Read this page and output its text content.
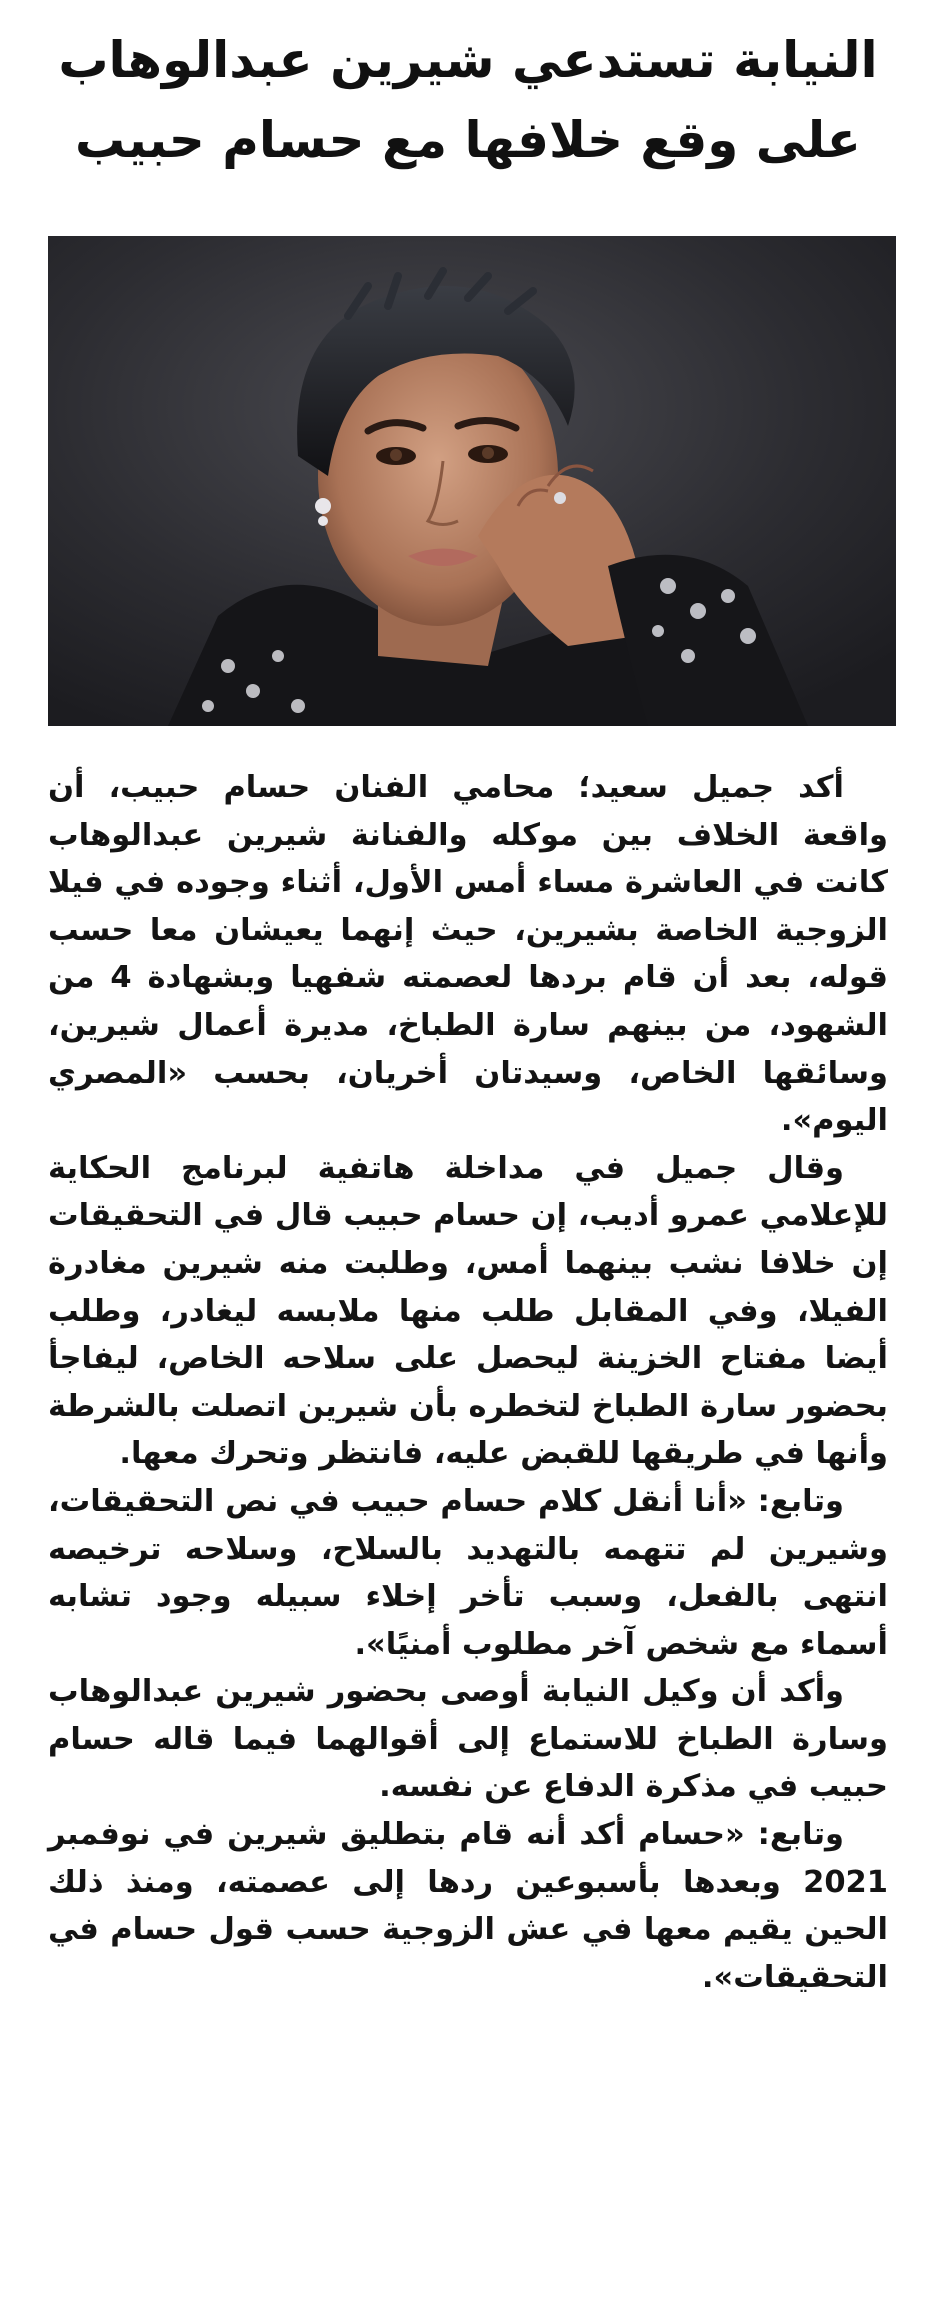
النيابة تستدعي شيرين عبدالوهاب
على وقع خلافها مع حسام حبيب

أكد جميل سعيد؛ محامي الفنان حسام حبيب، أن واقعة الخلاف بين موكله والفنانة شيرين عبدالوهاب كانت في العاشرة مساء أمس الأول، أثناء وجوده في فيلا الزوجية الخاصة بشيرين، حيث إنهما يعيشان معا حسب قوله، بعد أن قام بردها لعصمته شفهيا وبشهادة 4 من الشهود، من بينهم سارة الطباخ، مديرة أعمال شيرين، وسائقها الخاص، وسيدتان أخريان، بحسب «المصري اليوم».

وقال جميل في مداخلة هاتفية لبرنامج الحكاية للإعلامي عمرو أديب، إن حسام حبيب قال في التحقيقات إن خلافا نشب بينهما أمس، وطلبت منه شيرين مغادرة الفيلا، وفي المقابل طلب منها ملابسه ليغادر، وطلب أيضا مفتاح الخزينة ليحصل على سلاحه الخاص، ليفاجأ بحضور سارة الطباخ لتخطره بأن شيرين اتصلت بالشرطة وأنها في طريقها للقبض عليه، فانتظر وتحرك معها.

وتابع: «أنا أنقل كلام حسام حبيب في نص التحقيقات، وشيرين لم تتهمه بالتهديد بالسلاح، وسلاحه ترخيصه انتهى بالفعل، وسبب تأخر إخلاء سبيله وجود تشابه أسماء مع شخص آخر مطلوب أمنيًا».

وأكد أن وكيل النيابة أوصى بحضور شيرين عبدالوهاب وسارة الطباخ للاستماع إلى أقوالهما فيما قاله حسام حبيب في مذكرة الدفاع عن نفسه.

وتابع: «حسام أكد أنه قام بتطليق شيرين في نوفمبر 2021 وبعدها بأسبوعين ردها إلى عصمته، ومنذ ذلك الحين يقيم معها في عش الزوجية حسب قول حسام في التحقيقات».
